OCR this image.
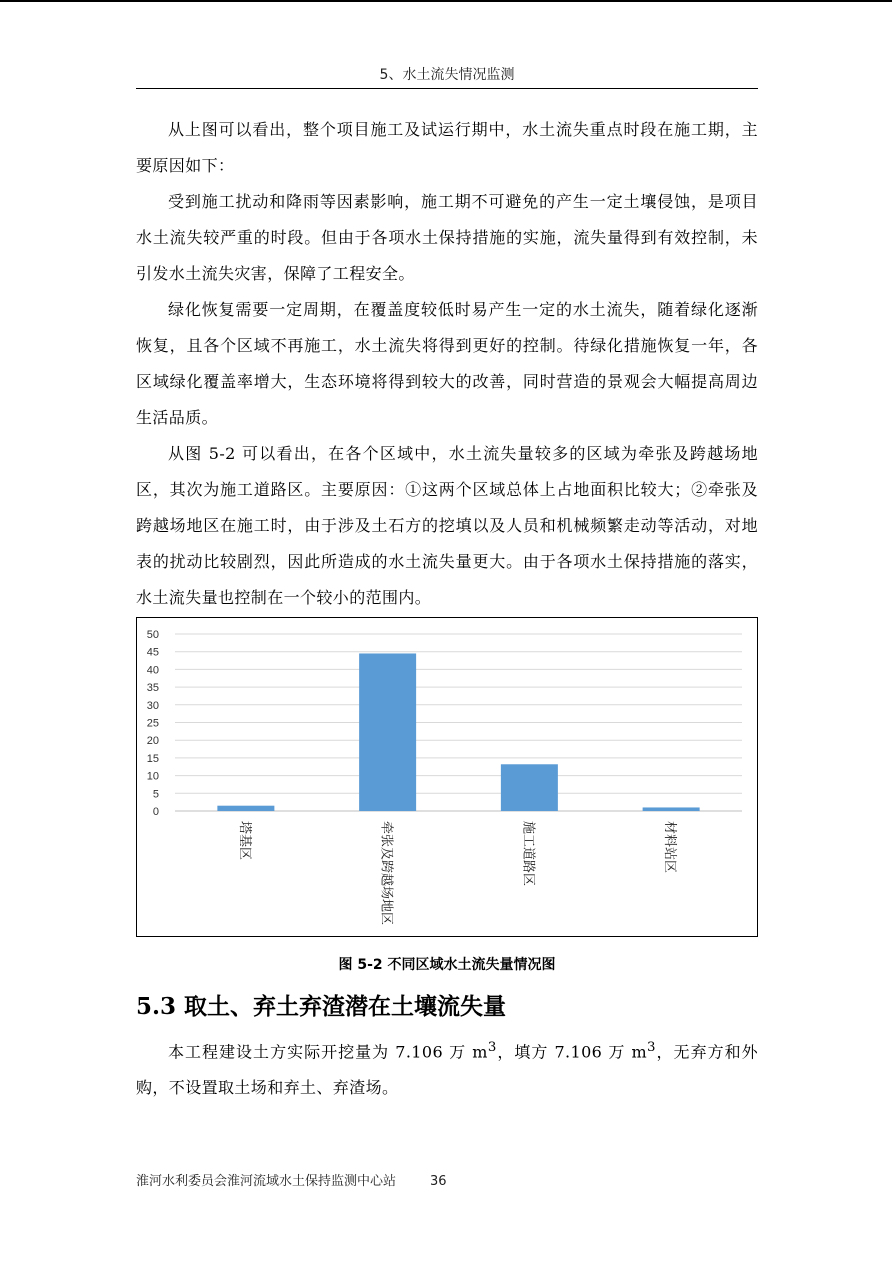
5、水土流失情况监测

从上图可以看出，整个项目施工及试运行期中，水土流失重点时段在施工期，主要原因如下：

受到施工扰动和降雨等因素影响，施工期不可避免的产生一定土壤侵蚀，是项目水土流失较严重的时段。但由于各项水土保持措施的实施，流失量得到有效控制，未引发水土流失灾害，保障了工程安全。

绿化恢复需要一定周期，在覆盖度较低时易产生一定的水土流失，随着绿化逐渐恢复，且各个区域不再施工，水土流失将得到更好的控制。待绿化措施恢复一年，各区域绿化覆盖率增大，生态环境将得到较大的改善，同时营造的景观会大幅提高周边生活品质。

从图 5-2 可以看出，在各个区域中，水土流失量较多的区域为牵张及跨越场地区，其次为施工道路区。主要原因：①这两个区域总体上占地面积比较大；②牵张及跨越场地区在施工时，由于涉及土石方的挖填以及人员和机械频繁走动等活动，对地表的扰动比较剧烈，因此所造成的水土流失量更大。由于各项水土保持措施的落实，水土流失量也控制在一个较小的范围内。

0
5
10
15
20
25
30
35
40
45
50
塔基区	牵张及跨越场地区	施工道路区	材料站区
图 5-2 不同区域水土流失量情况图
5.3 取土、弃土弃渣潜在土壤流失量

本工程建设土方实际开挖量为 7.106 万 $m^3$，填方 7.106 万 $m^3$，无弃方和外购，不设置取土场和弃土、弃渣场。

淮河水利委员会淮河流域水土保持监测中心站	36
